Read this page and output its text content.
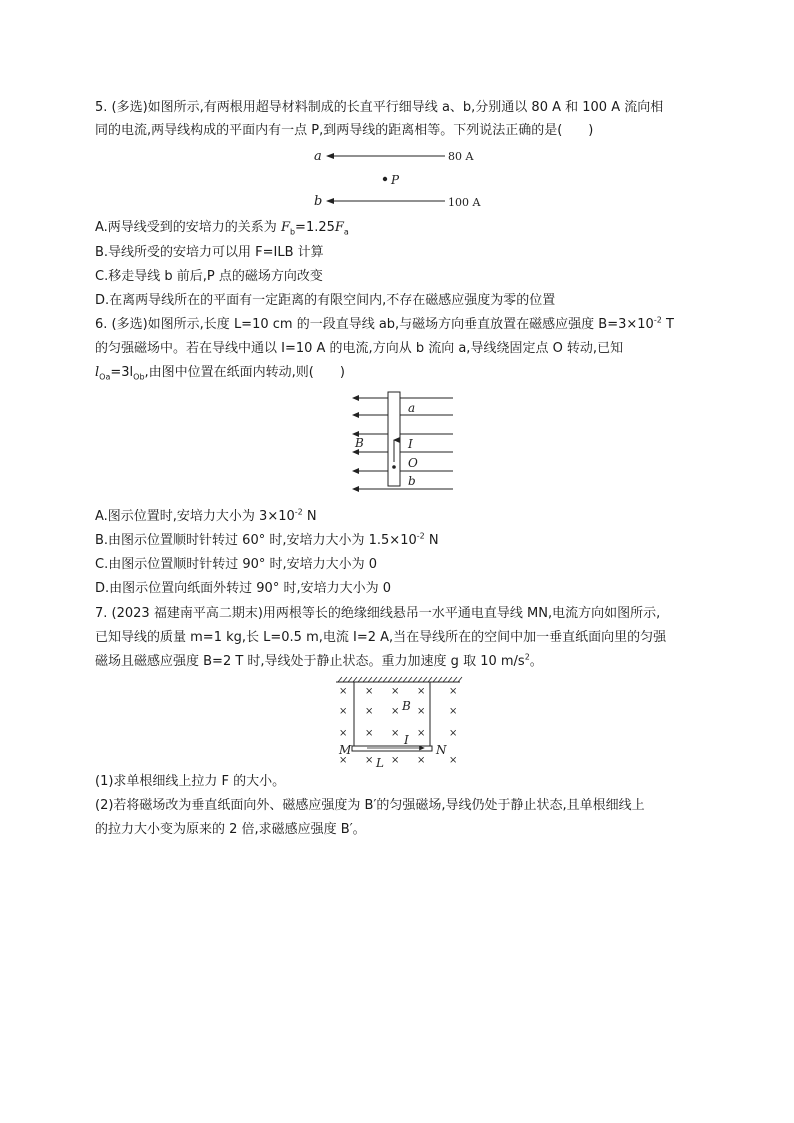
5. (多选)如图所示,有两根用超导材料制成的长直平行细导线 a、b,分别通以 80 A 和 100 A 流向相
同的电流,两导线构成的平面内有一点 P,到两导线的距离相等。下列说法正确的是(　　)
a	80 A
P
b	100 A
A.两导线受到的安培力的关系为 $F_b=1.25F_a$
B.导线所受的安培力可以用 F=ILB 计算
C.移走导线 b 前后,P 点的磁场方向改变
D.在离两导线所在的平面有一定距离的有限空间内,不存在磁感应强度为零的位置
6. (多选)如图所示,长度 L=10 cm 的一段直导线 ab,与磁场方向垂直放置在磁感应强度 $B=3\times 10^{-2}$ T
的匀强磁场中。若在导线中通以 I=10 A 的电流,方向从 b 流向 a,导线绕固定点 O 转动,已知
$l_{Oa}=3l_{Ob}$,由图中位置在纸面内转动,则(　　)
a
B	I
O
b
A.图示位置时,安培力大小为 $3\times 10^{-2}$ N
B.由图示位置顺时针转过 60° 时,安培力大小为 $1.5\times 10^{-2}$ N
C.由图示位置顺时针转过 90° 时,安培力大小为 0
D.由图示位置向纸面外转过 90° 时,安培力大小为 0
7. (2023 福建南平高二期末)用两根等长的绝缘细线悬吊一水平通电直导线 MN,电流方向如图所示,
已知导线的质量 m=1 kg,长 L=0.5 m,电流 I=2 A,当在导线所在的空间中加一垂直纸面向里的匀强
磁场且磁感应强度 B=2 T 时,导线处于静止状态。重力加速度 g 取 10 $m/s^2$。
× × × × ×
× × × × ×
× × × × ×
× × × × ×
B
I
M	N
L
(1)求单根细线上拉力 F 的大小。
(2)若将磁场改为垂直纸面向外、磁感应强度为 B′的匀强磁场,导线仍处于静止状态,且单根细线上
的拉力大小变为原来的 2 倍,求磁感应强度 B′。
